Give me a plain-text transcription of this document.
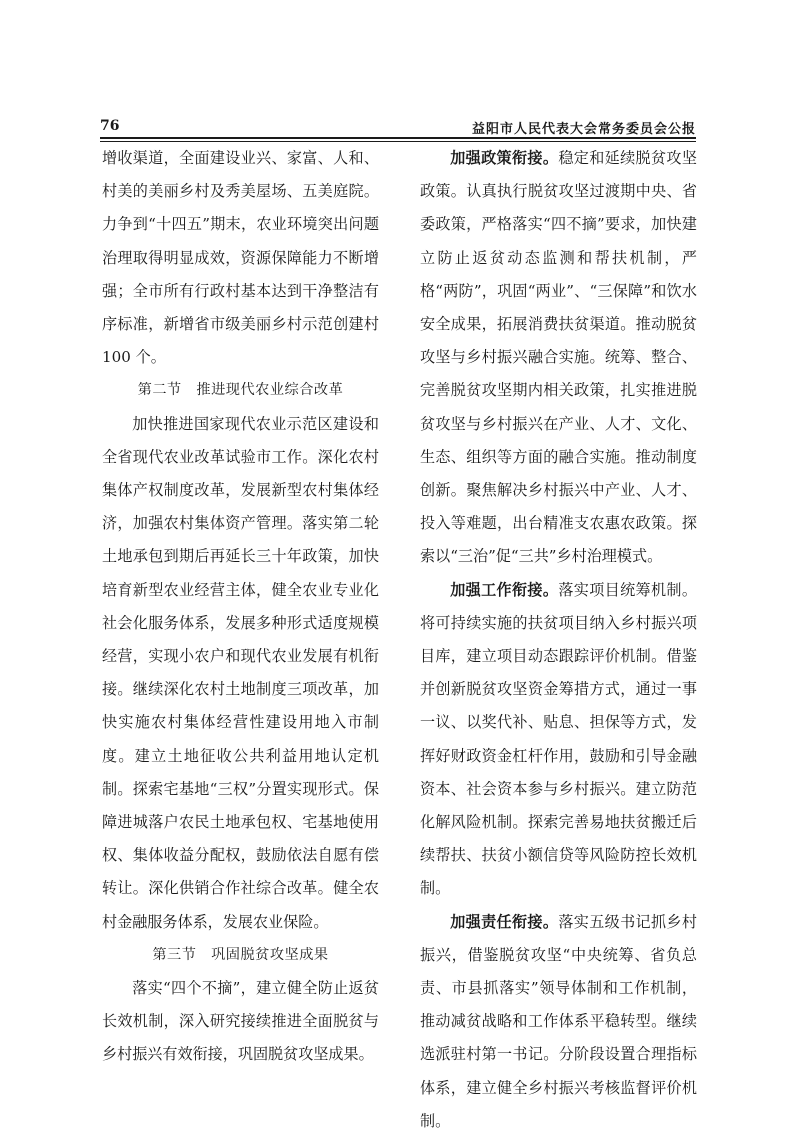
76	益阳市人民代表大会常务委员会公报

增收渠道，全面建设业兴、家富、人和、村美的美丽乡村及秀美屋场、五美庭院。力争到“十四五”期末，农业环境突出问题治理取得明显成效，资源保障能力不断增强；全市所有行政村基本达到干净整洁有序标准，新增省市级美丽乡村示范创建村 100 个。

第二节　推进现代农业综合改革

加快推进国家现代农业示范区建设和全省现代农业改革试验市工作。深化农村集体产权制度改革，发展新型农村集体经济，加强农村集体资产管理。落实第二轮土地承包到期后再延长三十年政策，加快培育新型农业经营主体，健全农业专业化社会化服务体系，发展多种形式适度规模经营，实现小农户和现代农业发展有机衔接。继续深化农村土地制度三项改革，加快实施农村集体经营性建设用地入市制度。建立土地征收公共利益用地认定机制。探索宅基地“三权”分置实现形式。保障进城落户农民土地承包权、宅基地使用权、集体收益分配权，鼓励依法自愿有偿转让。深化供销合作社综合改革。健全农村金融服务体系，发展农业保险。

第三节　巩固脱贫攻坚成果

落实“四个不摘”，建立健全防止返贫长效机制，深入研究接续推进全面脱贫与乡村振兴有效衔接，巩固脱贫攻坚成果。

加强政策衔接。稳定和延续脱贫攻坚政策。认真执行脱贫攻坚过渡期中央、省委政策，严格落实“四不摘”要求，加快建立防止返贫动态监测和帮扶机制，严格“两防”，巩固“两业”、“三保障”和饮水安全成果，拓展消费扶贫渠道。推动脱贫攻坚与乡村振兴融合实施。统筹、整合、完善脱贫攻坚期内相关政策，扎实推进脱贫攻坚与乡村振兴在产业、人才、文化、生态、组织等方面的融合实施。推动制度创新。聚焦解决乡村振兴中产业、人才、投入等难题，出台精准支农惠农政策。探索以“三治”促“三共”乡村治理模式。

加强工作衔接。落实项目统筹机制。将可持续实施的扶贫项目纳入乡村振兴项目库，建立项目动态跟踪评价机制。借鉴并创新脱贫攻坚资金筹措方式，通过一事一议、以奖代补、贴息、担保等方式，发挥好财政资金杠杆作用，鼓励和引导金融资本、社会资本参与乡村振兴。建立防范化解风险机制。探索完善易地扶贫搬迁后续帮扶、扶贫小额信贷等风险防控长效机制。

加强责任衔接。落实五级书记抓乡村振兴，借鉴脱贫攻坚“中央统筹、省负总责、市县抓落实”领导体制和工作机制，推动减贫战略和工作体系平稳转型。继续选派驻村第一书记。分阶段设置合理指标体系，建立健全乡村振兴考核监督评价机制。
